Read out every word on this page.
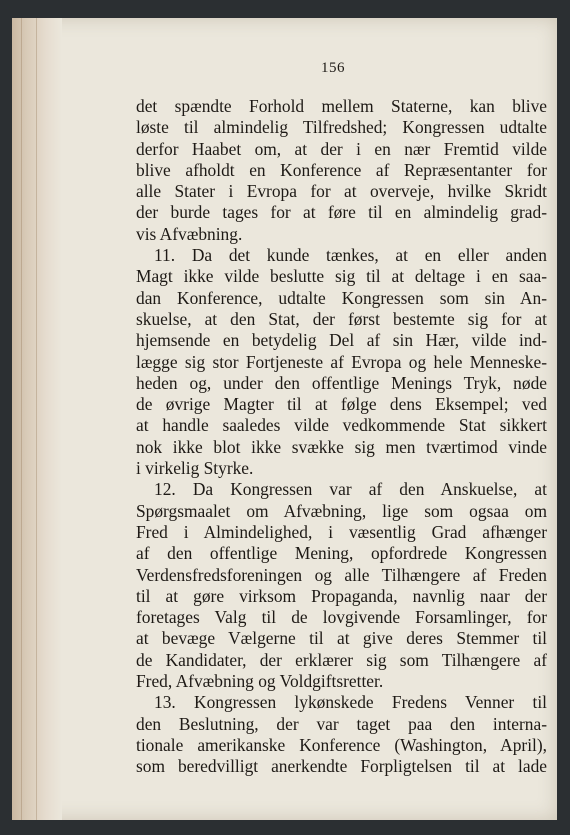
156
det spændte Forhold mellem Staterne, kan blive
løste til almindelig Tilfredshed; Kongressen udtalte
derfor Haabet om, at der i en nær Fremtid vilde
blive afholdt en Konference af Repræsentanter for
alle Stater i Evropa for at overveje, hvilke Skridt
der burde tages for at føre til en almindelig grad-
vis Afvæbning.
11. Da det kunde tænkes, at en eller anden
Magt ikke vilde beslutte sig til at deltage i en saa-
dan Konference, udtalte Kongressen som sin An-
skuelse, at den Stat, der først bestemte sig for at
hjemsende en betydelig Del af sin Hær, vilde ind-
lægge sig stor Fortjeneste af Evropa og hele Menneske-
heden og, under den offentlige Menings Tryk, nøde
de øvrige Magter til at følge dens Eksempel; ved
at handle saaledes vilde vedkommende Stat sikkert
nok ikke blot ikke svække sig men tværtimod vinde
i virkelig Styrke.
12. Da Kongressen var af den Anskuelse, at
Spørgsmaalet om Afvæbning, lige som ogsaa om
Fred i Almindelighed, i væsentlig Grad afhænger
af den offentlige Mening, opfordrede Kongressen
Verdensfredsforeningen og alle Tilhængere af Freden
til at gøre virksom Propaganda, navnlig naar der
foretages Valg til de lovgivende Forsamlinger, for
at bevæge Vælgerne til at give deres Stemmer til
de Kandidater, der erklærer sig som Tilhængere af
Fred, Afvæbning og Voldgiftsretter.
13. Kongressen lykønskede Fredens Venner til
den Beslutning, der var taget paa den interna-
tionale amerikanske Konference (Washington, April),
som beredvilligt anerkendte Forpligtelsen til at lade
